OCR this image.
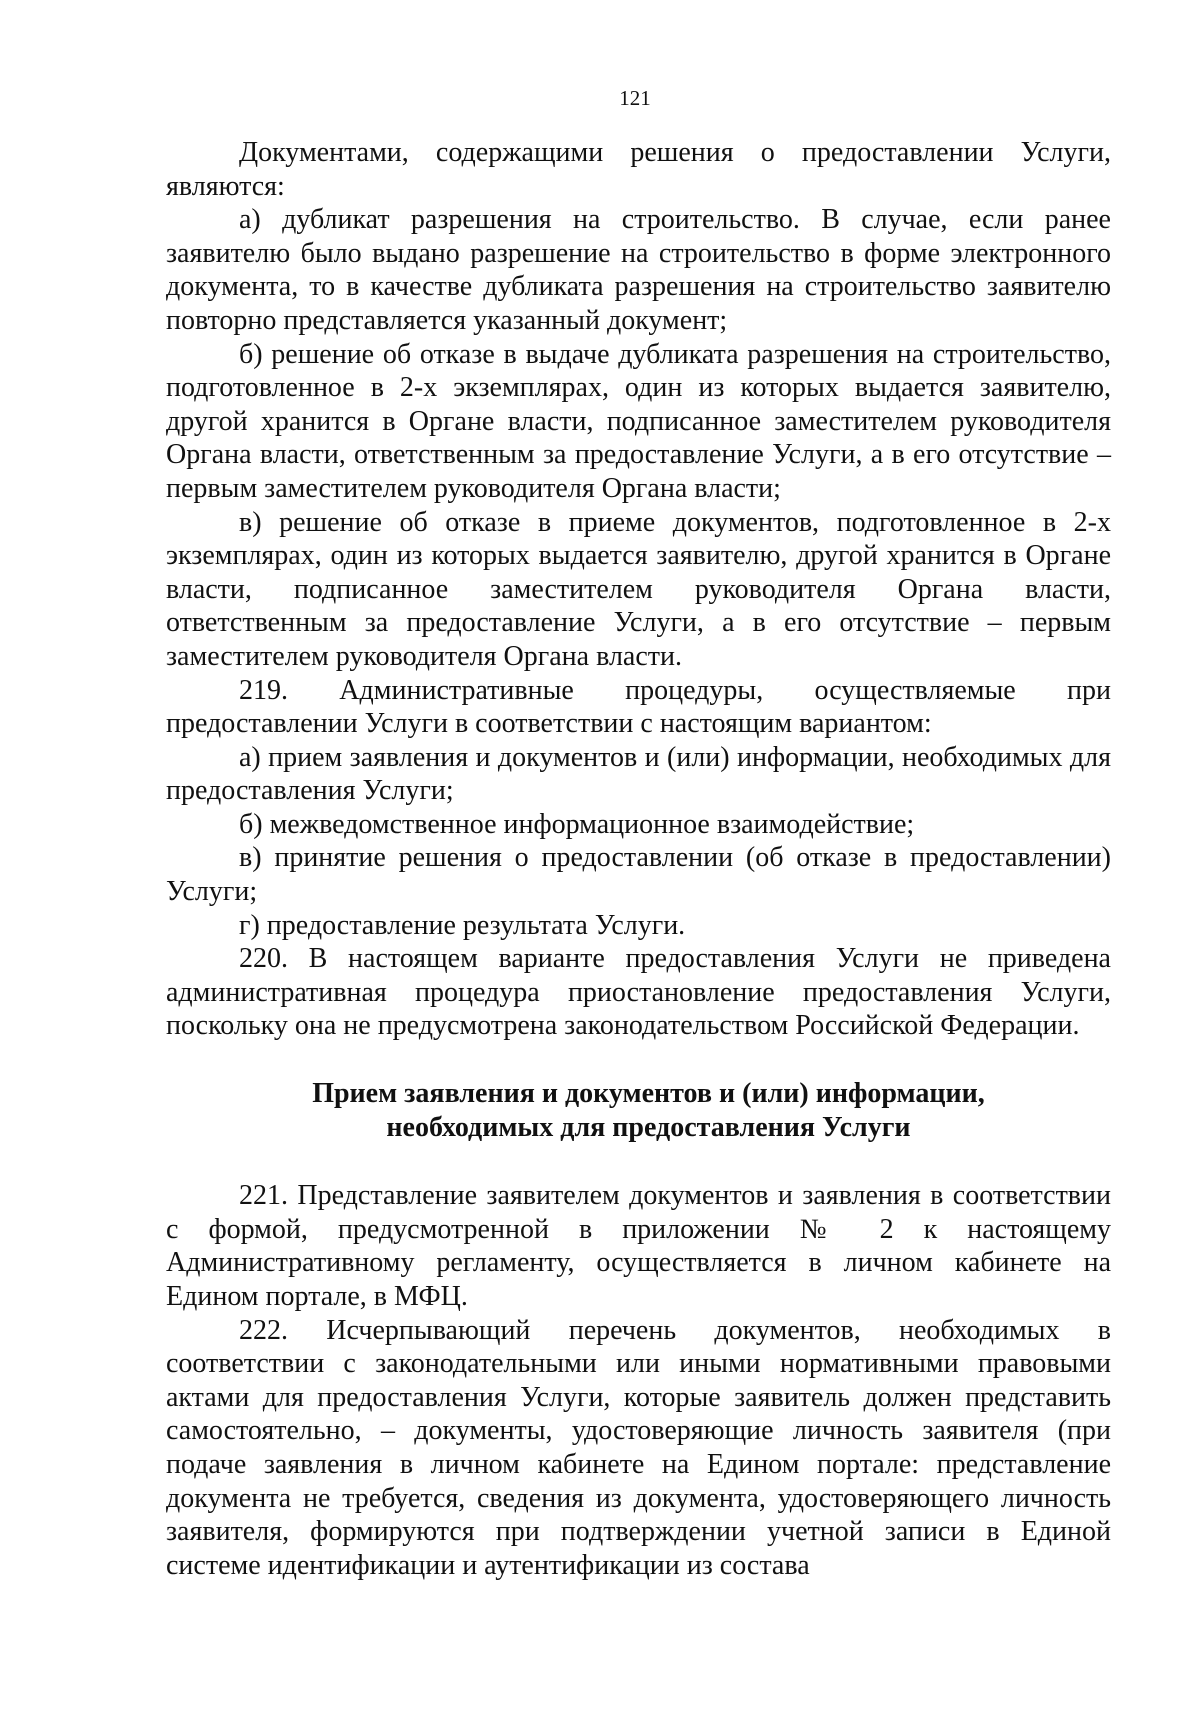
121

Документами, содержащими решения о предоставлении Услуги, являются:

а) дубликат разрешения на строительство. В случае, если ранее заявителю было выдано разрешение на строительство в форме электронного документа, то в качестве дубликата разрешения на строительство заявителю повторно представляется указанный документ;

б) решение об отказе в выдаче дубликата разрешения на строительство, подготовленное в 2-х экземплярах, один из которых выдается заявителю, другой хранится в Органе власти, подписанное заместителем руководителя Органа власти, ответственным за предоставление Услуги, а в его отсутствие – первым заместителем руководителя Органа власти;

в) решение об отказе в приеме документов, подготовленное в 2-х экземплярах, один из которых выдается заявителю, другой хранится в Органе власти, подписанное заместителем руководителя Органа власти, ответственным за предоставление Услуги, а в его отсутствие – первым заместителем руководителя Органа власти.

219. Административные процедуры, осуществляемые при предоставлении Услуги в соответствии с настоящим вариантом:

а) прием заявления и документов и (или) информации, необходимых для предоставления Услуги;

б) межведомственное информационное взаимодействие;

в) принятие решения о предоставлении (об отказе в предоставлении) Услуги;

г) предоставление результата Услуги.

220. В настоящем варианте предоставления Услуги не приведена административная процедура приостановление предоставления Услуги, поскольку она не предусмотрена законодательством Российской Федерации.

Прием заявления и документов и (или) информации,

необходимых для предоставления Услуги

221. Представление заявителем документов и заявления в соответствии с формой, предусмотренной в приложении № 2 к настоящему Административному регламенту, осуществляется в личном кабинете на Едином портале, в МФЦ.

222. Исчерпывающий перечень документов, необходимых в соответствии с законодательными или иными нормативными правовыми актами для предоставления Услуги, которые заявитель должен представить самостоятельно, – документы, удостоверяющие личность заявителя (при подаче заявления в личном кабинете на Едином портале: представление документа не требуется, сведения из документа, удостоверяющего личность заявителя, формируются при подтверждении учетной записи в Единой системе идентификации и аутентификации из состава
